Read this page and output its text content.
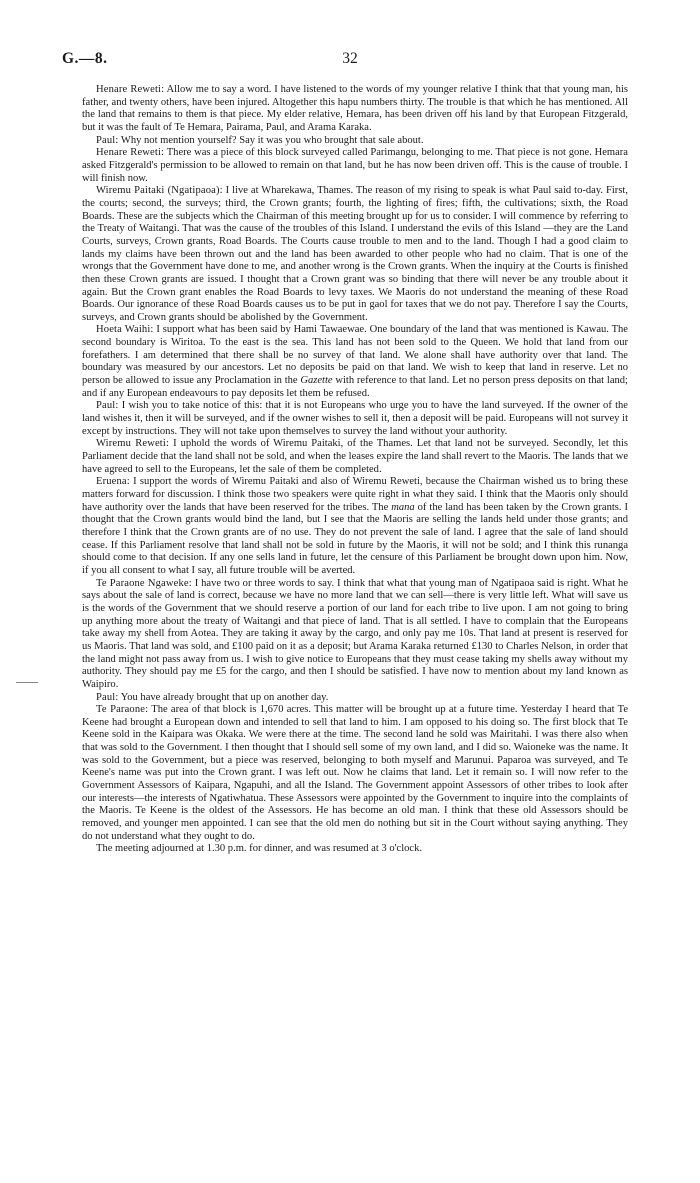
G.—8.	32

Henare Reweti: Allow me to say a word. I have listened to the words of my younger relative I think that that young man, his father, and twenty others, have been injured. Altogether this hapu numbers thirty. The trouble is that which he has mentioned. All the land that remains to them is that piece. My elder relative, Hemara, has been driven off his land by that European Fitzgerald, but it was the fault of Te Hemara, Pairama, Paul, and Arama Karaka.

Paul: Why not mention yourself? Say it was you who brought that sale about.

Henare Reweti: There was a piece of this block surveyed called Parimangu, belonging to me. That piece is not gone. Hemara asked Fitzgerald's permission to be allowed to remain on that land, but he has now been driven off. This is the cause of trouble. I will finish now.

Wiremu Paitaki (Ngatipaoa): I live at Wharekawa, Thames. The reason of my rising to speak is what Paul said to-day. First, the courts; second, the surveys; third, the Crown grants; fourth, the lighting of fires; fifth, the cultivations; sixth, the Road Boards. These are the subjects which the Chairman of this meeting brought up for us to consider. I will commence by referring to the Treaty of Waitangi. That was the cause of the troubles of this Island. I understand the evils of this Island —they are the Land Courts, surveys, Crown grants, Road Boards. The Courts cause trouble to men and to the land. Though I had a good claim to lands my claims have been thrown out and the land has been awarded to other people who had no claim. That is one of the wrongs that the Government have done to me, and another wrong is the Crown grants. When the inquiry at the Courts is finished then these Crown grants are issued. I thought that a Crown grant was so binding that there will never be any trouble about it again. But the Crown grant enables the Road Boards to levy taxes. We Maoris do not understand the meaning of these Road Boards. Our ignorance of these Road Boards causes us to be put in gaol for taxes that we do not pay. Therefore I say the Courts, surveys, and Crown grants should be abolished by the Government.

Hoeta Waihi: I support what has been said by Hami Tawaewae. One boundary of the land that was mentioned is Kawau. The second boundary is Wiritoa. To the east is the sea. This land has not been sold to the Queen. We hold that land from our forefathers. I am determined that there shall be no survey of that land. We alone shall have authority over that land. The boundary was measured by our ancestors. Let no deposits be paid on that land. We wish to keep that land in reserve. Let no person be allowed to issue any Proclamation in the Gazette with reference to that land. Let no person press deposits on that land; and if any European endeavours to pay deposits let them be refused.

Paul: I wish you to take notice of this: that it is not Europeans who urge you to have the land surveyed. If the owner of the land wishes it, then it will be surveyed, and if the owner wishes to sell it, then a deposit will be paid. Europeans will not survey it except by instructions. They will not take upon themselves to survey the land without your authority.

Wiremu Reweti: I uphold the words of Wiremu Paitaki, of the Thames. Let that land not be surveyed. Secondly, let this Parliament decide that the land shall not be sold, and when the leases expire the land shall revert to the Maoris. The lands that we have agreed to sell to the Europeans, let the sale of them be completed.

Eruena: I support the words of Wiremu Paitaki and also of Wiremu Reweti, because the Chairman wished us to bring these matters forward for discussion. I think those two speakers were quite right in what they said. I think that the Maoris only should have authority over the lands that have been reserved for the tribes. The mana of the land has been taken by the Crown grants. I thought that the Crown grants would bind the land, but I see that the Maoris are selling the lands held under those grants; and therefore I think that the Crown grants are of no use. They do not prevent the sale of land. I agree that the sale of land should cease. If this Parliament resolve that land shall not be sold in future by the Maoris, it will not be sold; and I think this runanga should come to that decision. If any one sells land in future, let the censure of this Parliament be brought down upon him. Now, if you all consent to what I say, all future trouble will be averted.

Te Paraone Ngaweke: I have two or three words to say. I think that what that young man of Ngatipaoa said is right. What he says about the sale of land is correct, because we have no more land that we can sell—there is very little left. What will save us is the words of the Government that we should reserve a portion of our land for each tribe to live upon. I am not going to bring up anything more about the treaty of Waitangi and that piece of land. That is all settled. I have to complain that the Europeans take away my shell from Aotea. They are taking it away by the cargo, and only pay me 10s. That land at present is reserved for us Maoris. That land was sold, and £100 paid on it as a deposit; but Arama Karaka returned £130 to Charles Nelson, in order that the land might not pass away from us. I wish to give notice to Europeans that they must cease taking my shells away without my authority. They should pay me £5 for the cargo, and then I should be satisfied. I have now to mention about my land known as Waipiro.

Paul: You have already brought that up on another day.

Te Paraone: The area of that block is 1,670 acres. This matter will be brought up at a future time. Yesterday I heard that Te Keene had brought a European down and intended to sell that land to him. I am opposed to his doing so. The first block that Te Keene sold in the Kaipara was Okaka. We were there at the time. The second land he sold was Mairitahi. I was there also when that was sold to the Government. I then thought that I should sell some of my own land, and I did so. Waioneke was the name. It was sold to the Government, but a piece was reserved, belonging to both myself and Marunui. Paparoa was surveyed, and Te Keene's name was put into the Crown grant. I was left out. Now he claims that land. Let it remain so. I will now refer to the Government Assessors of Kaipara, Ngapuhi, and all the Island. The Government appoint Assessors of other tribes to look after our interests—the interests of Ngatiwhatua. These Assessors were appointed by the Government to inquire into the complaints of the Maoris. Te Keene is the oldest of the Assessors. He has become an old man. I think that these old Assessors should be removed, and younger men appointed. I can see that the old men do nothing but sit in the Court without saying anything. They do not understand what they ought to do.

The meeting adjourned at 1.30 p.m. for dinner, and was resumed at 3 o'clock.
